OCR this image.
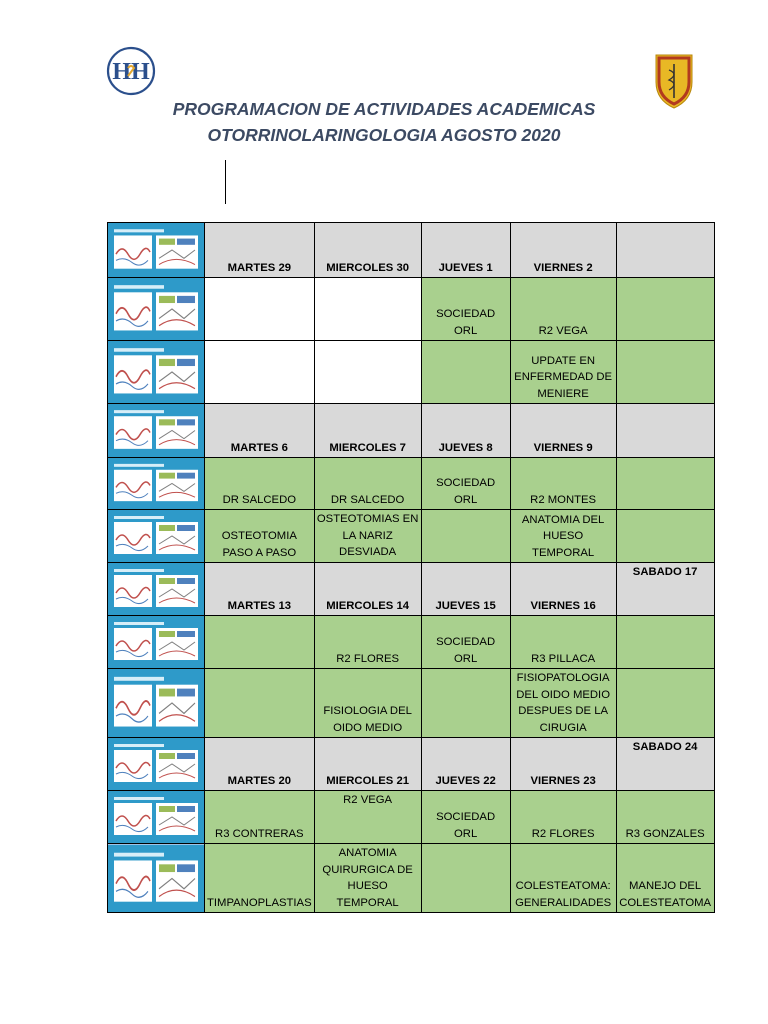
HH
PROGRAMACION DE ACTIVIDADES ACADEMICAS
OTORRINOLARINGOLOGIA AGOSTO 2020
	MARTES 29	MIERCOLES 30	JUEVES 1	VIERNES 2	

			SOCIEDAD ORL	R2 VEGA	

				UPDATE EN ENFERMEDAD DE MENIERE	

	MARTES 6	MIERCOLES 7	JUEVES 8	VIERNES 9	

	DR SALCEDO	DR SALCEDO	SOCIEDAD ORL	R2 MONTES	

	OSTEOTOMIA PASO A PASO	OSTEOTOMIAS EN LA NARIZ DESVIADA		ANATOMIA DEL HUESO TEMPORAL	

	MARTES 13	MIERCOLES 14	JUEVES 15	VIERNES 16	SABADO 17

		R2 FLORES	SOCIEDAD ORL	R3 PILLACA	

		FISIOLOGIA DEL OIDO MEDIO		FISIOPATOLOGIA DEL OIDO MEDIO DESPUES DE LA CIRUGIA	

	MARTES 20	MIERCOLES 21	JUEVES 22	VIERNES 23	SABADO 24

	R3 CONTRERAS	R2 VEGA	SOCIEDAD ORL	R2 FLORES	R3 GONZALES

	TIMPANOPLASTIAS	ANATOMIA QUIRURGICA DE HUESO TEMPORAL		COLESTEATOMA: GENERALIDADES	MANEJO DEL COLESTEATOMA
